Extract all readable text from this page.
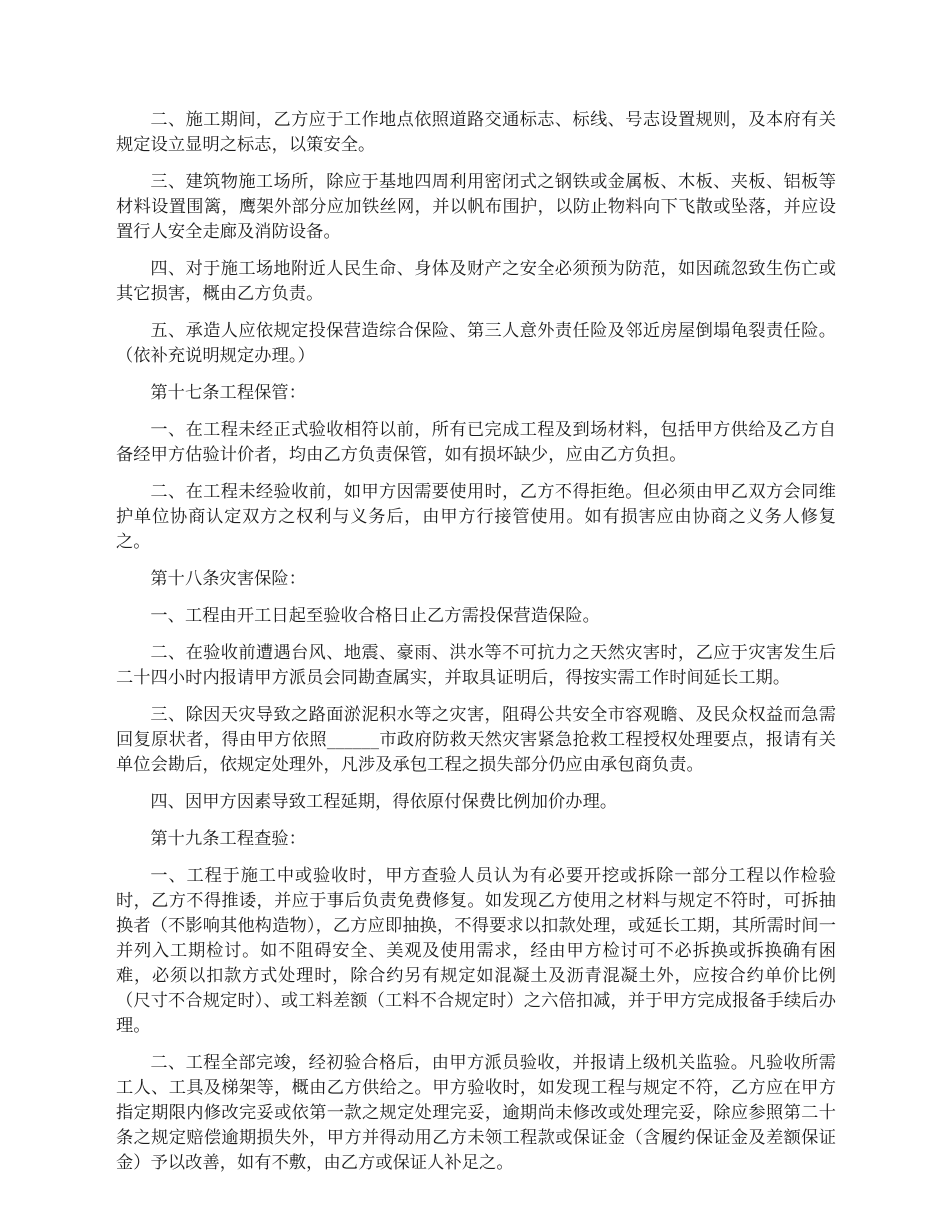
二、施工期间，乙方应于工作地点依照道路交通标志、标线、号志设置规则，及本府有关规定设立显明之标志，以策安全。

三、建筑物施工场所，除应于基地四周利用密闭式之钢铁或金属板、木板、夹板、铝板等材料设置围篱，鹰架外部分应加铁丝网，并以帆布围护，以防止物料向下飞散或坠落，并应设置行人安全走廊及消防设备。

四、对于施工场地附近人民生命、身体及财产之安全必须预为防范，如因疏忽致生伤亡或其它损害，概由乙方负责。

五、承造人应依规定投保营造综合保险、第三人意外责任险及邻近房屋倒塌龟裂责任险。（依补充说明规定办理。）

第十七条工程保管：

一、在工程未经正式验收相符以前，所有已完成工程及到场材料，包括甲方供给及乙方自备经甲方估验计价者，均由乙方负责保管，如有损坏缺少，应由乙方负担。

二、在工程未经验收前，如甲方因需要使用时，乙方不得拒绝。但必须由甲乙双方会同维护单位协商认定双方之权利与义务后，由甲方行接管使用。如有损害应由协商之义务人修复之。

第十八条灾害保险：

一、工程由开工日起至验收合格日止乙方需投保营造保险。

二、在验收前遭遇台风、地震、豪雨、洪水等不可抗力之天然灾害时，乙应于灾害发生后二十四小时内报请甲方派员会同勘查属实，并取具证明后，得按实需工作时间延长工期。

三、除因天灾导致之路面淤泥积水等之灾害，阻碍公共安全市容观瞻、及民众权益而急需回复原状者，得由甲方依照______市政府防救天然灾害紧急抢救工程授权处理要点，报请有关单位会勘后，依规定处理外，凡涉及承包工程之损失部分仍应由承包商负责。

四、因甲方因素导致工程延期，得依原付保费比例加价办理。

第十九条工程查验：

一、工程于施工中或验收时，甲方查验人员认为有必要开挖或拆除一部分工程以作检验时，乙方不得推诿，并应于事后负责免费修复。如发现乙方使用之材料与规定不符时，可拆抽换者（不影响其他构造物），乙方应即抽换，不得要求以扣款处理，或延长工期，其所需时间一并列入工期检讨。如不阻碍安全、美观及使用需求，经由甲方检讨可不必拆换或拆换确有困难，必须以扣款方式处理时，除合约另有规定如混凝土及沥青混凝土外，应按合约单价比例（尺寸不合规定时）、或工料差额（工料不合规定时）之六倍扣减，并于甲方完成报备手续后办理。

二、工程全部完竣，经初验合格后，由甲方派员验收，并报请上级机关监验。凡验收所需工人、工具及梯架等，概由乙方供给之。甲方验收时，如发现工程与规定不符，乙方应在甲方指定期限内修改完妥或依第一款之规定处理完妥，逾期尚未修改或处理完妥，除应参照第二十条之规定赔偿逾期损失外，甲方并得动用乙方未领工程款或保证金（含履约保证金及差额保证金）予以改善，如有不敷，由乙方或保证人补足之。
